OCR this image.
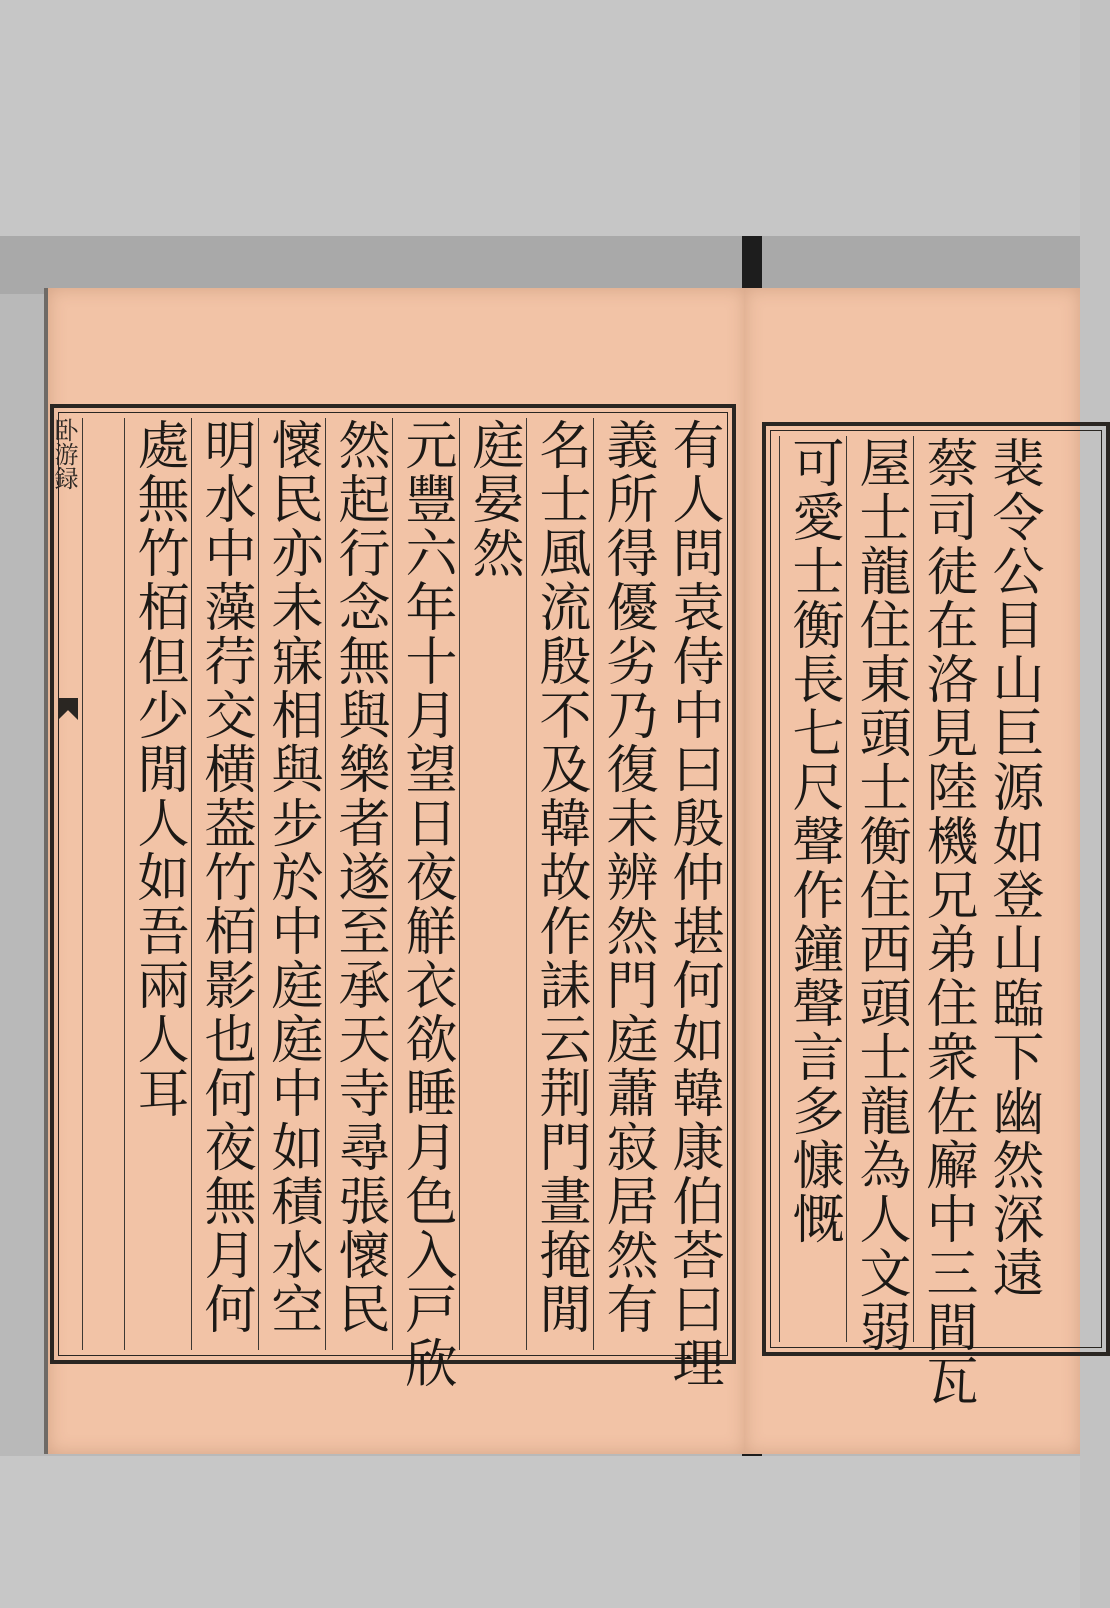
卧游録	有人問袁侍中曰殷仲堪何如韓康伯荅曰理
義所得優劣乃復未辨然門庭蕭寂居然有
名士風流殷不及韓故作誄云荆門晝掩閒
庭晏然
元豐六年十月望日夜觧衣欲睡月色入戸欣
然起行念無與樂者遂至承天寺尋張懷民
懷民亦未寐相與步於中庭庭中如積水空
明水中藻荇交横葢竹栢影也何夜無月何
處無竹栢但少閒人如吾兩人耳	裴令公目山巨源如登山臨下幽然深遠
蔡司徒在洛見陸機兄弟住衆佐廨中三間瓦
屋士龍住東頭士衡住西頭士龍為人文弱
可愛士衡長七尺聲作鐘聲言多慷慨
